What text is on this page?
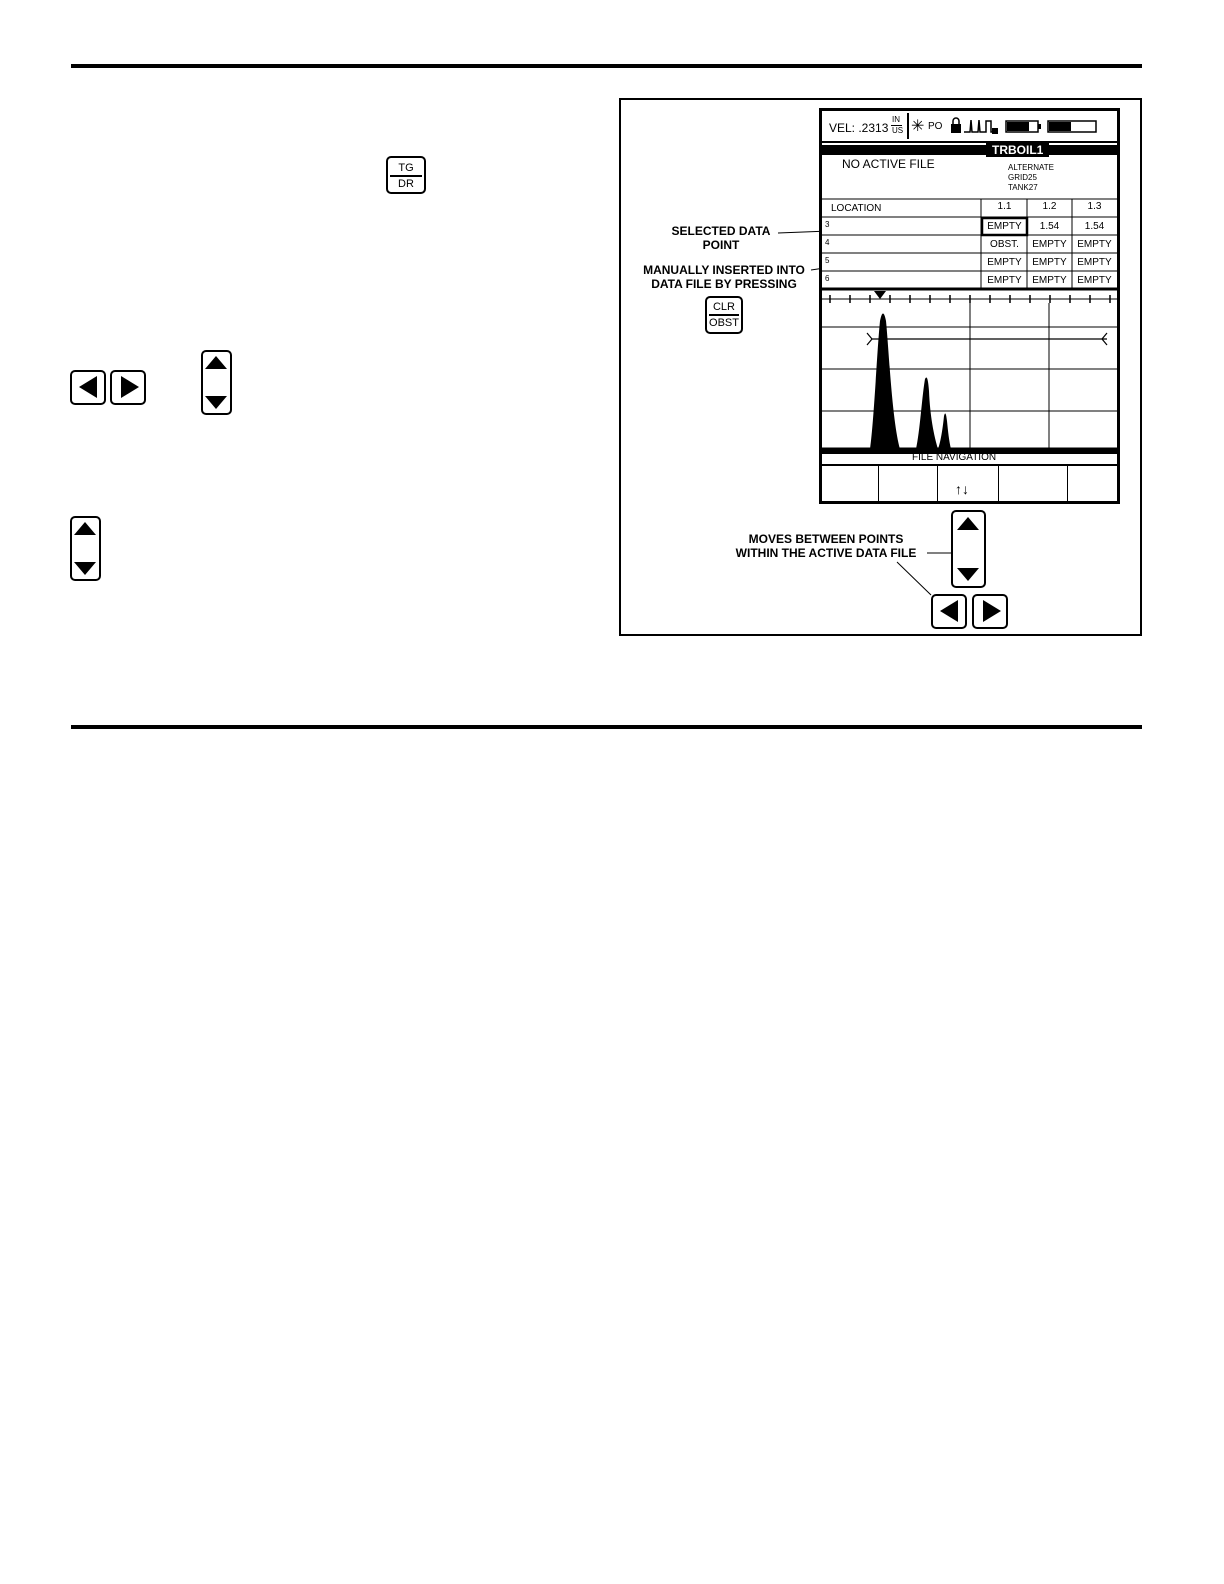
TG
DR
SELECTED DATA
POINT
MANUALLY INSERTED INTO
DATA FILE BY PRESSING
MOVES BETWEEN POINTS
WITHIN THE ACTIVE DATA FILE
CLR
OBST
VEL: .2313
IN
US ✳ PO
TRBOIL1
NO ACTIVE FILE	ALTERNATE
GRID25
TANK27
LOCATION	1.1	1.2	1.3
3	EMPTY	1.54	1.54
4	OBST.	EMPTY	EMPTY
5	EMPTY	EMPTY	EMPTY
6	EMPTY	EMPTY	EMPTY
FILE NAVIGATION
↑↓
